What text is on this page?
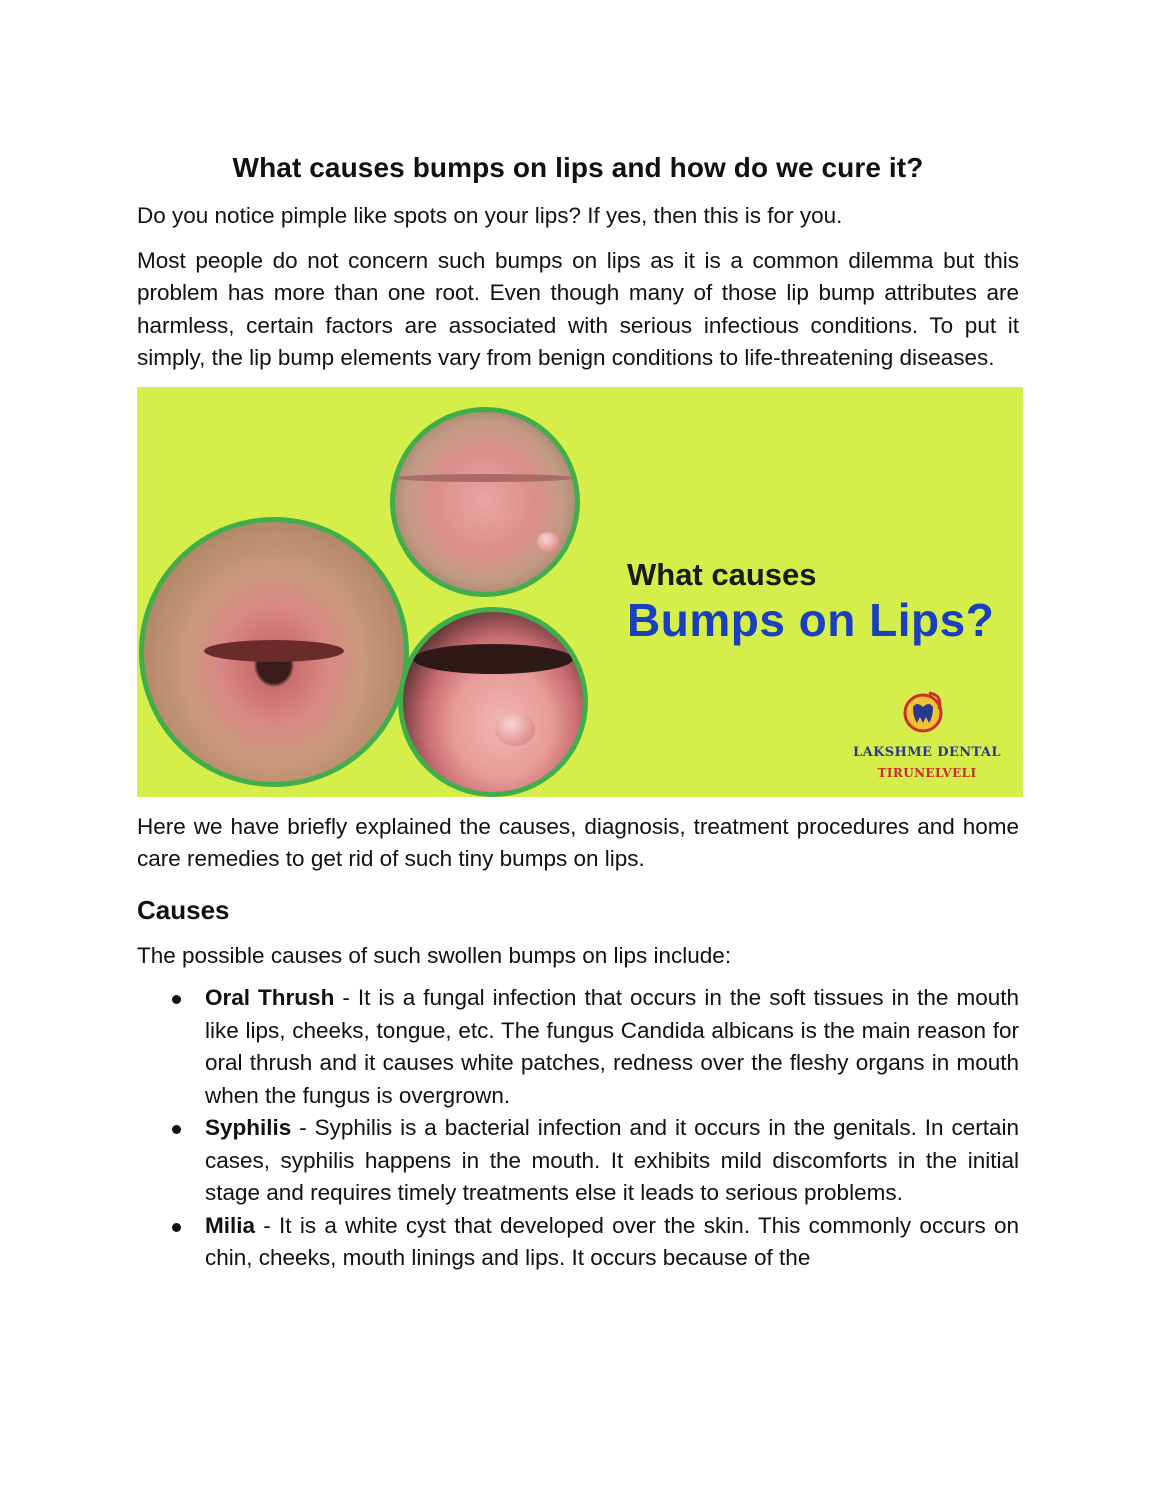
What causes bumps on lips and how do we cure it?

Do you notice pimple like spots on your lips? If yes, then this is for you.

Most people do not concern such bumps on lips as it is a common dilemma but this problem has more than one root. Even though many of those lip bump attributes are harmless, certain factors are associated with serious infectious conditions. To put it simply, the lip bump elements vary from benign conditions to life-threatening diseases.

What causes
Bumps on Lips?
LAKSHME DENTAL
TIRUNELVELI

Here we have briefly explained the causes, diagnosis, treatment procedures and home care remedies to get rid of such tiny bumps on lips.

Causes

The possible causes of such swollen bumps on lips include:

Oral Thrush - It is a fungal infection that occurs in the soft tissues in the mouth like lips, cheeks, tongue, etc. The fungus Candida albicans is the main reason for oral thrush and it causes white patches, redness over the fleshy organs in mouth when the fungus is overgrown.
Syphilis - Syphilis is a bacterial infection and it occurs in the genitals. In certain cases, syphilis happens in the mouth. It exhibits mild discomforts in the initial stage and requires timely treatments else it leads to serious problems.
Milia - It is a white cyst that developed over the skin. This commonly occurs on chin, cheeks, mouth linings and lips. It occurs because of the
